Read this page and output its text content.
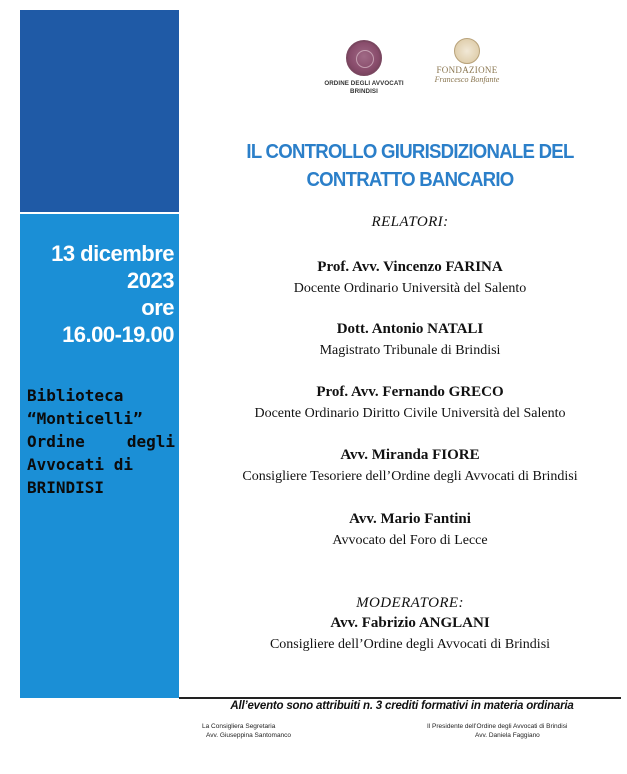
13 dicembre
2023
ore
16.00-19.00
Biblioteca
“Monticelli”
Ordine	degli
Avvocati di
BRINDISI
ORDINE DEGLI AVVOCATI
BRINDISI
FONDAZIONE
Francesco Bonfante
IL CONTROLLO GIURISDIZIONALE DEL
CONTRATTO BANCARIO
RELATORI:
Prof. Avv. Vincenzo FARINA
Docente Ordinario Università del Salento
Dott. Antonio NATALI
Magistrato Tribunale di Brindisi
Prof. Avv. Fernando GRECO
Docente Ordinario Diritto Civile Università del Salento
Avv. Miranda FIORE
Consigliere Tesoriere dell’Ordine degli Avvocati di Brindisi
Avv. Mario Fantini
Avvocato del Foro di Lecce
MODERATORE:
Avv. Fabrizio ANGLANI
Consigliere dell’Ordine degli Avvocati di Brindisi
All’evento sono attribuiti n. 3 crediti formativi in materia ordinaria
La Consigliera Segretaria
Avv. Giuseppina Santomanco
Il Presidente dell’Ordine degli Avvocati di Brindisi
Avv. Daniela Faggiano
